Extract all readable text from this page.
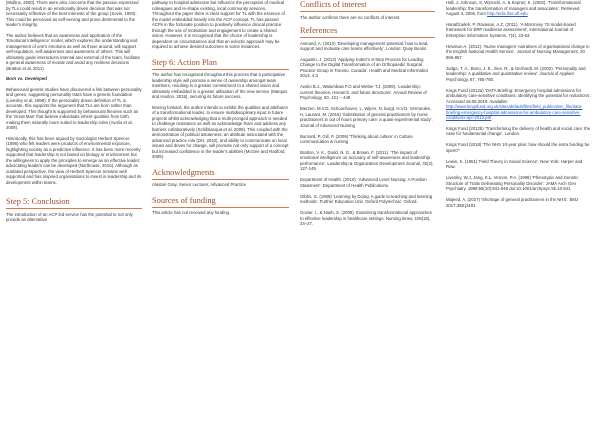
(Mullins, 2000). There were also concerns that the passion expressed by TLs could result in an emotionally driven decision that was not necessarily reflective of the best interests of the group (Sovie, 1993). This could be perceived as self-serving and prove detrimental to the leader's integrity.

The author believes that an awareness and application of the 'Emotional Intelligence' model, which explores the understanding and management of one's emotions as well as those around, will support self-regulation, self-awareness and awareness of others. This will ultimately guide interactions internal and external of the team, facilitate a general awareness of morale and avoid any reckless decisions (Bratton et al, 2011).

Born vs. Developed

Behavioural genetic studies have discovered a link between personality and genes, suggesting personality traits have a genetic foundation (Livesley et al, 1998). If the personality driven definition of TL is accurate, this supports the argument that TLs are born rather than developed. This thought is supported by behavioural theories such as the 'Great Man' that believe individuals inherit qualities from birth, making them naturally more suited to leadership roles (Avolio et al, 2009).

Historically, this has been argued by Sociologist Herbert Spencer (1896) who felt leaders were products of environmental exposure, highlighting society as a predictive influence. It has been more recently supported that leadership is not based on biology or environment but the willingness to apply the principles to emerge as an effective leader; advocating leaders can be developed (Northouse, 2016). Although an outdated perspective, the view of Herbert Spencer remains well supported and has inspired organisations to invest in leadership and its development within teams.

Step 5: Conclusion

The introduction of an ACP led service has the potential to not only provide an alternative

pathway to hospital admission but influence the perception of medical colleagues and re-shape existing, local community services. Throughout the paper there is clear support for TL with the essence of the model embedded heavily into the ACP concept. TL has passed ACPs in the fortunate position to positively influence clinical practice through the use of motivation and engagement to create a shared vision. However, it is recognised that the choice of leadership is dependent on circumstances and that an eclectic approach may be required to achieve desired outcomes in some instances.

Step 6: Action Plan

The author has recognised throughout this process that a participative leadership style will promote a sense of ownership amongst team members, resulting in a greater commitment to a shared vision and ultimately embedded in a greater utilisation of the new service (Marquis and Huston, 2015), securing its future success.

Moving forward, the author intends to exhibit the qualities and attributes of a transformational leader, to ensure multidisciplinary input in future projects whilst acknowledging that a multi-pronged approach is needed to challenge resistance as well as acknowledge fears and address any barriers collaboratively (Schifalacqua et al, 2009). This coupled with the demonstration of political astuteness; an attribute associated with the advanced practice role (DH, 2010), and ability to communicate on local issues and drives for change, will promote not only support of a concept but increased confidence in the leader's abilities (McGee and Radford, 2009).

Acknowledgments

Alastair Gray, Senior Lecturer, Advanced Practice

Sources of funding

This article has not received any funding.

Conflicts of interest

The author confirms there are no conflicts of interest.

References

Asmund, A. (2010) 'Developing management potential: how to lead, support and motivate care teams effectively', London: Quay Books.

Augustin, J. (2013) 'Applying Kotter's 8-Step Process for Leading Change to the Digital Transformation of an Orthopaedic Surgical Practice Group in Toronto, Canada'. Health and Medical Informatics 2013, 4:3

Avolio B.J., Walumbwa F.O and Weber T.J. (2009). 'Leadership: current theories, research, and future directions'. Annual Review of Psychology, 60, 421 – 449

Bierzen, M.V.D, Schoonhoven, L, Wijers, N, burgt, H.V.D, Vermeulen, H, Laurant, M. (2016) 'Substitution of general practitioners by nurse practitioners in out of hours primary care: a quasi-experimental study'. Journal of Advanced Nursing

Burnard, P, Gill, P. (2009) 'Thinking about culture' in Culture communication & nursing

Bratton, V. K., Dodd, N. G., & Brown, F. (2011). 'The impact of emotional intelligence on accuracy of self-awareness and leadership performance'. Leadership & Organization Development Journal, 32(2), 127-149.

Department of Health. (2010). 'Advanced Level Nursing: A Position Statement'. Department of Health Publications.

Gibbs, G. (1988) 'Learning by Doing: A guide to teaching and learning methods'. Further Education Unit. Oxford Polytechnic: Oxford.

Govier, I., & Nash, S. (2009). Examining transformational approaches to effective leadership in healthcare settings. Nursing times, 105(18), 24–27.

Hall, J, Johnson, S, Wysocki, A. & Kepner, K. (2002). 'Transformational leadership: the transformation of managers and associates'. Retrieved August 3, 2006, from http://edis.ifas.ufl.edu

Hanafizadeh, P, Ravasan, A.Z, (2011). 'A McKinsey 7S model-based framework for ERP readiness assessment', International Journal of Enterprise Information Systems, 7(4), 23-63.

Hewison A. (2012). 'Nurse managers' narratives of organisational change in the English National Health Service'. Journal of Nursing Management, 20 856-867

Judge, T. A., Bono, J. E., Ilies, R., & Gerhardt, M. (2002). 'Personality and leadership: A qualitative and quantitative review'. Journal of Applied Psychology, 87, 765-780.

Kings Fund (2012a) 'DATA Briefing: Emergency hospital admissions for ambulatory care-sensitive conditions: identifying the potential for reductions'. Accessed 18.05.2019. Available: http://www.kingsfund.org.uk/sites/default/files/field_publication_file/data-briefing-emergency-hospital-admissions-for-ambulatory-care-sensitive-conditions-apr-2012.pdf

Kings Fund (2012b) 'Transforming the delivery of health and social care: the case for fundamental change'. London.

Kings Fund (2018) 'The NHS 10-year plan: how should the extra funding be spent?'

Lewin, K. (1951) 'Field Theory in Social Science'. New York: Harper and Row.

Livesley, W.J, Jang, K.L, Vernon, P.A. (1998) 'Phenotypic and Genetic Structure of Traits Delineating Personality Disorder'. JAMA Arch Gen Psychiatry. 1998;55(10):941-948 doi:10.1001/archpsyc.55.10.941

Majeed, A. (2017) 'Shortage of general practitioners in the NHS'. BMJ 2017;358:j3191
